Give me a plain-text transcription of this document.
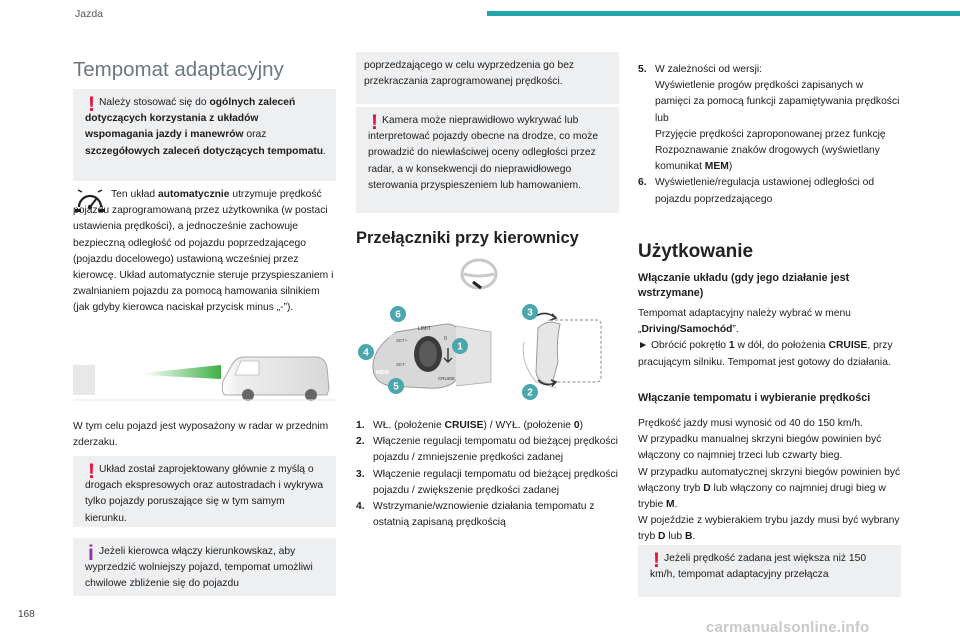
Jazda
Tempomat adaptacyjny
! Należy stosować się do ogólnych zaleceń dotyczących korzystania z układów wspomagania jazdy i manewrów oraz szczegółowych zaleceń dotyczących tempomatu.

Ten układ automatycznie utrzymuje prędkość pojazdu zaprogramowaną przez użytkownika (w postaci ustawienia prędkości), a jednocześnie zachowuje bezpieczną odległość od pojazdu poprzedzającego (pojazdu docelowego) ustawioną wcześniej przez kierowcę. Układ automatycznie steruje przyspieszaniem i zwalnianiem pojazdu za pomocą hamowania silnikiem (jak gdyby kierowca naciskał przycisk minus „-”).

W tym celu pojazd jest wyposażony w radar w przednim zderzaku.

! Układ został zaprojektowany głównie z myślą o drogach ekspresowych oraz autostradach i wykrywa tylko pojazdy poruszające się w tym samym kierunku.
i Jeżeli kierowca włączy kierunkowskaz, aby wyprzedzić wolniejszy pojazd, tempomat umożliwi chwilowe zbliżenie się do pojazdu
poprzedzającego w celu wyprzedzenia go bez przekraczania zaprogramowanej prędkości.
! Kamera może nieprawidłowo wykrywać lub interpretować pojazdy obecne na drodze, co może prowadzić do niewłaściwej oceny odległości przez radar, a w konsekwencji do nieprawidłowego sterowania przyspieszeniem lub hamowaniem.
Przełączniki przy kierownicy
LIMIT
GAP
MEM
SET+
SET-
CRUISE
0
6
4
5
1
3
2
1. WŁ. (położenie CRUISE) / WYŁ. (położenie 0)
2. Włączenie regulacji tempomatu od bieżącej prędkości pojazdu / zmniejszenie prędkości zadanej
3. Włączenie regulacji tempomatu od bieżącej prędkości pojazdu / zwiększenie prędkości zadanej
4. Wstrzymanie/wznowienie działania tempomatu z ostatnią zapisaną prędkością
5. W zależności od wersji:
Wyświetlenie progów prędkości zapisanych w pamięci za pomocą funkcji zapamiętywania prędkości
lub
Przyjęcie prędkości zaproponowanej przez funkcję Rozpoznawanie znaków drogowych (wyświetlany komunikat MEM)
6. Wyświetlenie/regulacja ustawionej odległości od pojazdu poprzedzającego
Użytkowanie
Włączanie układu (gdy jego działanie jest wstrzymane)

Tempomat adaptacyjny należy wybrać w menu „Driving/Samochód”.

► Obrócić pokrętło 1 w dół, do położenia CRUISE, przy pracującym silniku. Tempomat jest gotowy do działania.

Włączanie tempomatu i wybieranie prędkości

Prędkość jazdy musi wynosić od 40 do 150 km/h.

W przypadku manualnej skrzyni biegów powinien być włączony co najmniej trzeci lub czwarty bieg.

W przypadku automatycznej skrzyni biegów powinien być włączony tryb D lub włączony co najmniej drugi bieg w trybie M.

W pojeździe z wybierakiem trybu jazdy musi być wybrany tryb D lub B.

! Jeżeli prędkość zadana jest większa niż 150 km/h, tempomat adaptacyjny przełącza
168
carmanualsonline.info
